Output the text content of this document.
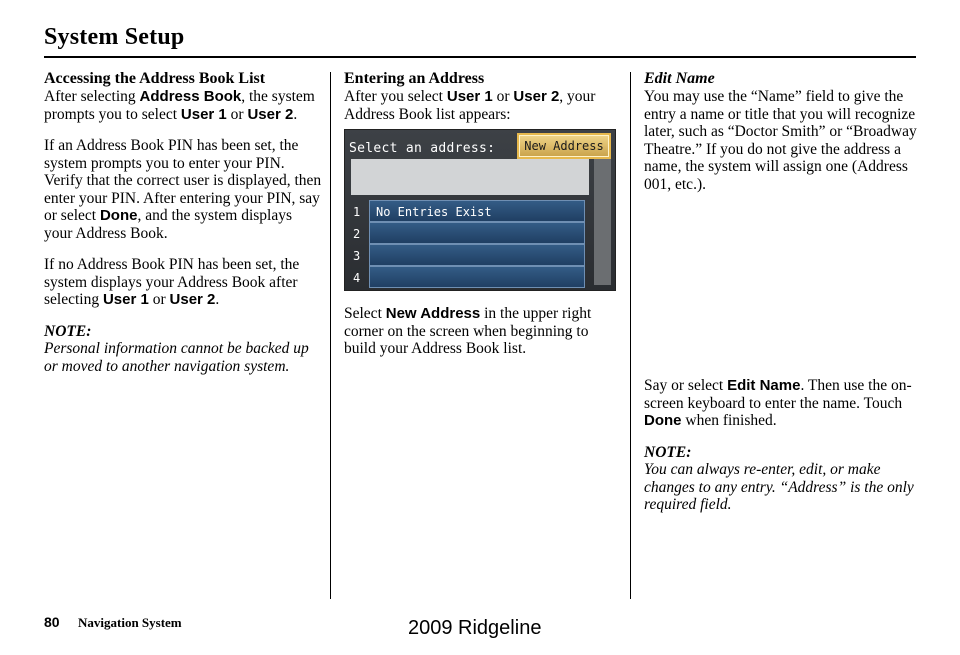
System Setup
Accessing the Address Book List

After selecting Address Book, the system prompts you to select User 1 or User 2.

If an Address Book PIN has been set, the system prompts you to enter your PIN. Verify that the correct user is displayed, then enter your PIN. After entering your PIN, say or select Done, and the system displays your Address Book.

If no Address Book PIN has been set, the system displays your Address Book after selecting User 1 or User 2.

NOTE:
Personal information cannot be backed up or moved to another navigation system.
Entering an Address

After you select User 1 or User 2, your Address Book list appears:

Select an address:	New Address
1	No Entries Exist
2
3
4

Select New Address in the upper right corner on the screen when beginning to build your Address Book list.

Edit Name

You may use the “Name” field to give the entry a name or title that you will recognize later, such as “Doctor Smith” or “Broadway Theatre.” If you do not give the address a name, the system will assign one (Address 001, etc.).

Say or select Edit Name. Then use the on-screen keyboard to enter the name. Touch Done when finished.

NOTE:
You can always re-enter, edit, or make changes to any entry. “Address” is the only required field.
80 Navigation System	2009 Ridgeline
